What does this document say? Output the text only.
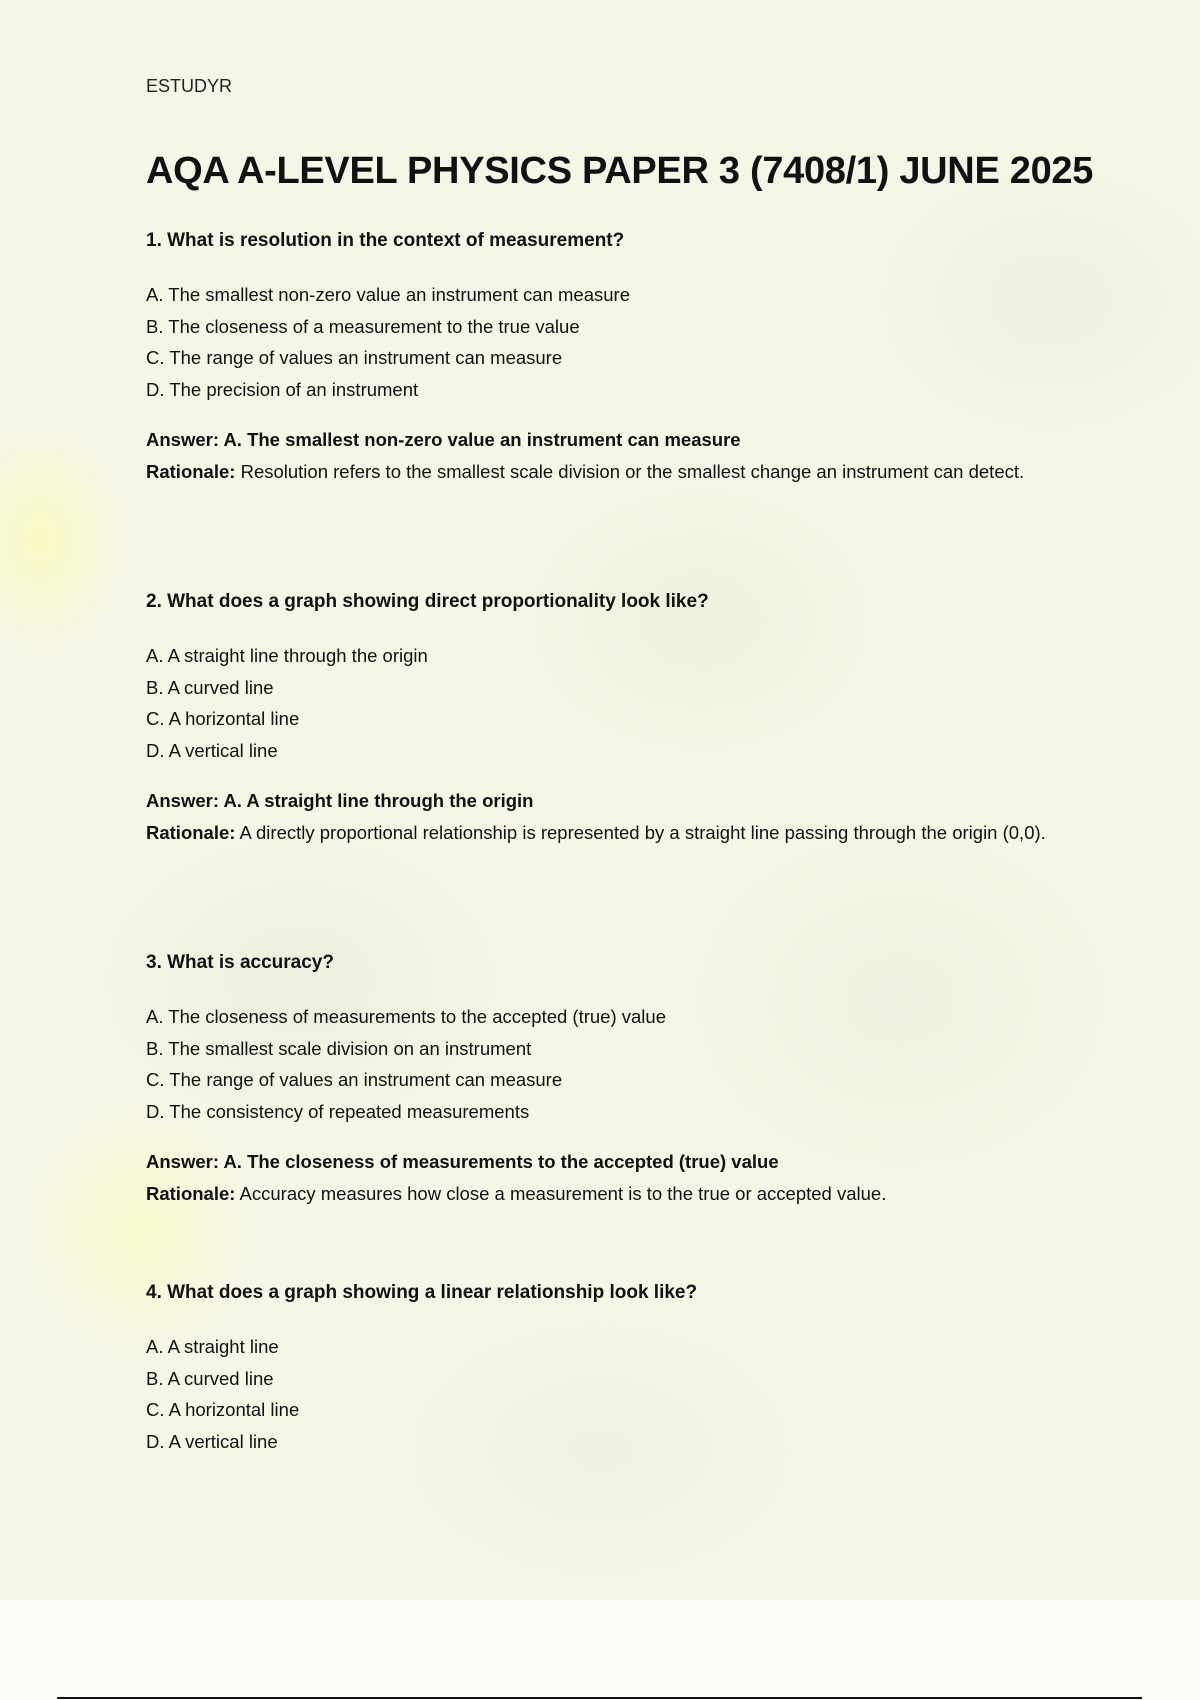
ESTUDYR
AQA A-LEVEL PHYSICS PAPER 3 (7408/1) JUNE 2025

1. What is resolution in the context of measurement?

A. The smallest non-zero value an instrument can measure

B. The closeness of a measurement to the true value

C. The range of values an instrument can measure

D. The precision of an instrument

Answer: A. The smallest non-zero value an instrument can measure
Rationale: Resolution refers to the smallest scale division or the smallest change an instrument can detect.

2. What does a graph showing direct proportionality look like?

A. A straight line through the origin

B. A curved line

C. A horizontal line

D. A vertical line

Answer: A. A straight line through the origin
Rationale: A directly proportional relationship is represented by a straight line passing through the origin (0,0).

3. What is accuracy?

A. The closeness of measurements to the accepted (true) value

B. The smallest scale division on an instrument

C. The range of values an instrument can measure

D. The consistency of repeated measurements

Answer: A. The closeness of measurements to the accepted (true) value
Rationale: Accuracy measures how close a measurement is to the true or accepted value.

4. What does a graph showing a linear relationship look like?

A. A straight line

B. A curved line

C. A horizontal line

D. A vertical line
